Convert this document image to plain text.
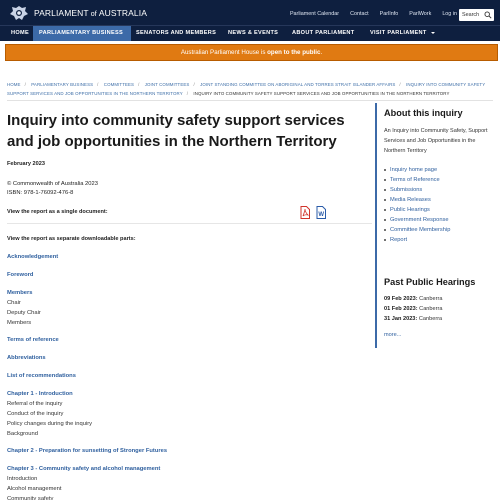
PARLIAMENT of AUSTRALIA	Parliament Calendar Contact ParlInfo ParlWork Log in Search
HOME	PARLIAMENTARY BUSINESS	SENATORS AND MEMBERS	NEWS & EVENTS	ABOUT PARLIAMENT	VISIT PARLIAMENT
Australian Parliament House is open to the public.
HOME / PARLIAMENTARY BUSINESS / COMMITTEES / JOINT COMMITTEES / JOINT STANDING COMMITTEE ON ABORIGINAL AND TORRES STRAIT ISLANDER AFFAIRS / INQUIRY INTO COMMUNITY SAFETY SUPPORT SERVICES AND JOB OPPORTUNITIES IN THE NORTHERN TERRITORY / INQUIRY INTO COMMUNITY SAFETY SUPPORT SERVICES AND JOB OPPORTUNITIES IN THE NORTHERN TERRITORY
Inquiry into community safety support services and job opportunities in the Northern Territory
February 2023
© Commonwealth of Australia 2023
ISBN: 978-1-76092-476-8
View the report as a single document:	W
View the report as separate downloadable parts:
Acknowledgement
Foreword
Members
Chair
Deputy Chair
Members
Terms of reference
Abbreviations
List of recommendations
Chapter 1 - Introduction
Referral of the inquiry
Conduct of the inquiry
Policy changes during the inquiry
Background
Chapter 2 - Preparation for sunsetting of Stronger Futures
Chapter 3 - Community safety and alcohol management
Introduction
Alcohol management
Community safety
About this inquiry
An Inquiry into Community Safety, Support Services and Job Opportunities in the Northern Territory
Inquiry home page
Terms of Reference
Submissions
Media Releases
Public Hearings
Government Response
Committee Membership
Report
Past Public Hearings
09 Feb 2023: Canberra
01 Feb 2023: Canberra
31 Jan 2023: Canberra
more...
